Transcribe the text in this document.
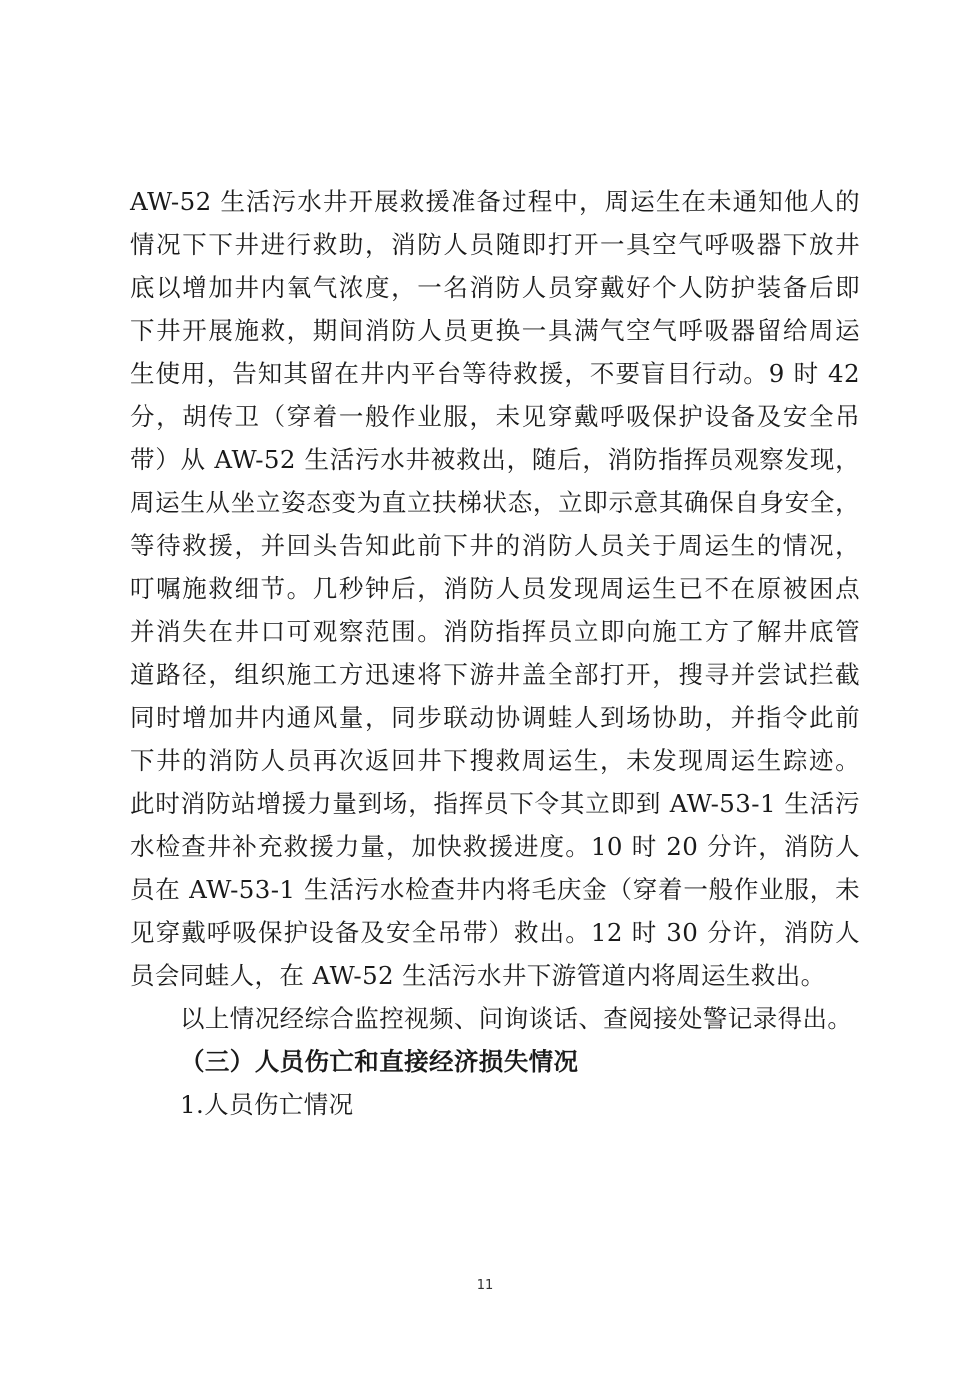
AW-52 生活污水井开展救援准备过程中，周运生在未通知他人的
情况下下井进行救助，消防人员随即打开一具空气呼吸器下放井
底以增加井内氧气浓度，一名消防人员穿戴好个人防护装备后即
下井开展施救，期间消防人员更换一具满气空气呼吸器留给周运
生使用，告知其留在井内平台等待救援，不要盲目行动。9 时 42
分，胡传卫（穿着一般作业服，未见穿戴呼吸保护设备及安全吊
带）从 AW-52 生活污水井被救出，随后，消防指挥员观察发现，
周运生从坐立姿态变为直立扶梯状态，立即示意其确保自身安全，
等待救援，并回头告知此前下井的消防人员关于周运生的情况，
叮嘱施救细节。几秒钟后，消防人员发现周运生已不在原被困点
并消失在井口可观察范围。消防指挥员立即向施工方了解井底管
道路径，组织施工方迅速将下游井盖全部打开，搜寻并尝试拦截
同时增加井内通风量，同步联动协调蛙人到场协助，并指令此前
下井的消防人员再次返回井下搜救周运生，未发现周运生踪迹。
此时消防站增援力量到场，指挥员下令其立即到 AW-53-1 生活污
水检查井补充救援力量，加快救援进度。10 时 20 分许，消防人
员在 AW-53-1 生活污水检查井内将毛庆金（穿着一般作业服，未
见穿戴呼吸保护设备及安全吊带）救出。12 时 30 分许，消防人
员会同蛙人，在 AW-52 生活污水井下游管道内将周运生救出。
以上情况经综合监控视频、问询谈话、查阅接处警记录得出。
（三）人员伤亡和直接经济损失情况
1.人员伤亡情况
11
